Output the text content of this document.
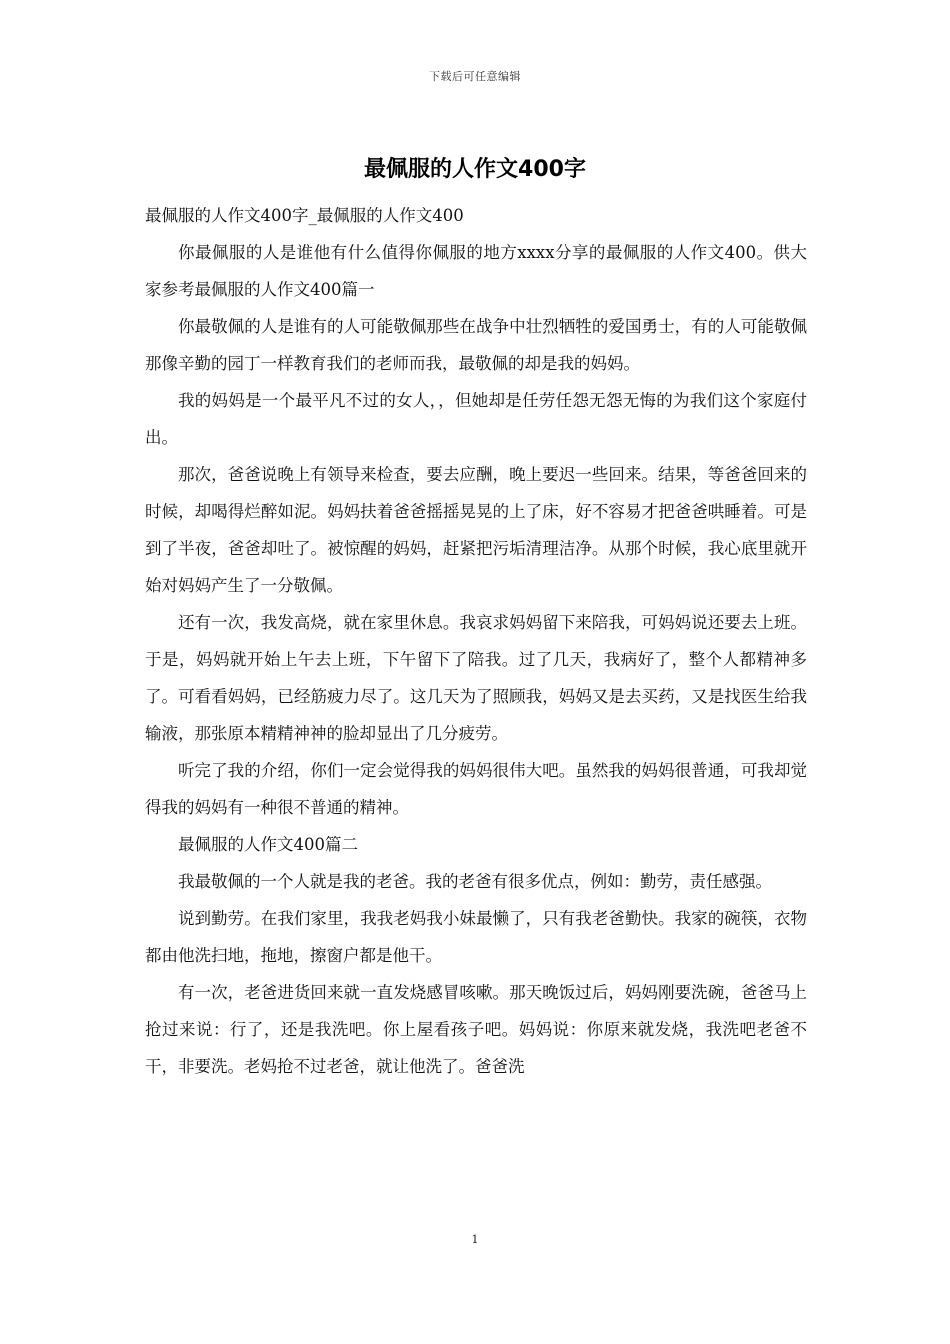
下载后可任意编辑
最佩服的人作文400字

最佩服的人作文400字_最佩服的人作文400

你最佩服的人是谁他有什么值得你佩服的地方xxxx分享的最佩服的人作文400。供大家参考最佩服的人作文400篇一

你最敬佩的人是谁有的人可能敬佩那些在战争中壮烈牺牲的爱国勇士，有的人可能敬佩那像辛勤的园丁一样教育我们的老师而我，最敬佩的却是我的妈妈。

我的妈妈是一个最平凡不过的女人，，但她却是任劳任怨无怨无悔的为我们这个家庭付出。

那次，爸爸说晚上有领导来检查，要去应酬，晚上要迟一些回来。结果，等爸爸回来的时候，却喝得烂醉如泥。妈妈扶着爸爸摇摇晃晃的上了床，好不容易才把爸爸哄睡着。可是到了半夜，爸爸却吐了。被惊醒的妈妈，赶紧把污垢清理洁净。从那个时候，我心底里就开始对妈妈产生了一分敬佩。

还有一次，我发高烧，就在家里休息。我哀求妈妈留下来陪我，可妈妈说还要去上班。于是，妈妈就开始上午去上班，下午留下了陪我。过了几天，我病好了，整个人都精神多了。可看看妈妈，已经筋疲力尽了。这几天为了照顾我，妈妈又是去买药，又是找医生给我输液，那张原本精精神神的脸却显出了几分疲劳。

听完了我的介绍，你们一定会觉得我的妈妈很伟大吧。虽然我的妈妈很普通，可我却觉得我的妈妈有一种很不普通的精神。

最佩服的人作文400篇二

我最敬佩的一个人就是我的老爸。我的老爸有很多优点，例如：勤劳，责任感强。

说到勤劳。在我们家里，我我老妈我小妹最懒了，只有我老爸勤快。我家的碗筷，衣物都由他洗扫地，拖地，擦窗户都是他干。

有一次，老爸进货回来就一直发烧感冒咳嗽。那天晚饭过后，妈妈刚要洗碗，爸爸马上抢过来说：行了，还是我洗吧。你上屋看孩子吧。妈妈说：你原来就发烧，我洗吧老爸不干，非要洗。老妈抢不过老爸，就让他洗了。爸爸洗

1
